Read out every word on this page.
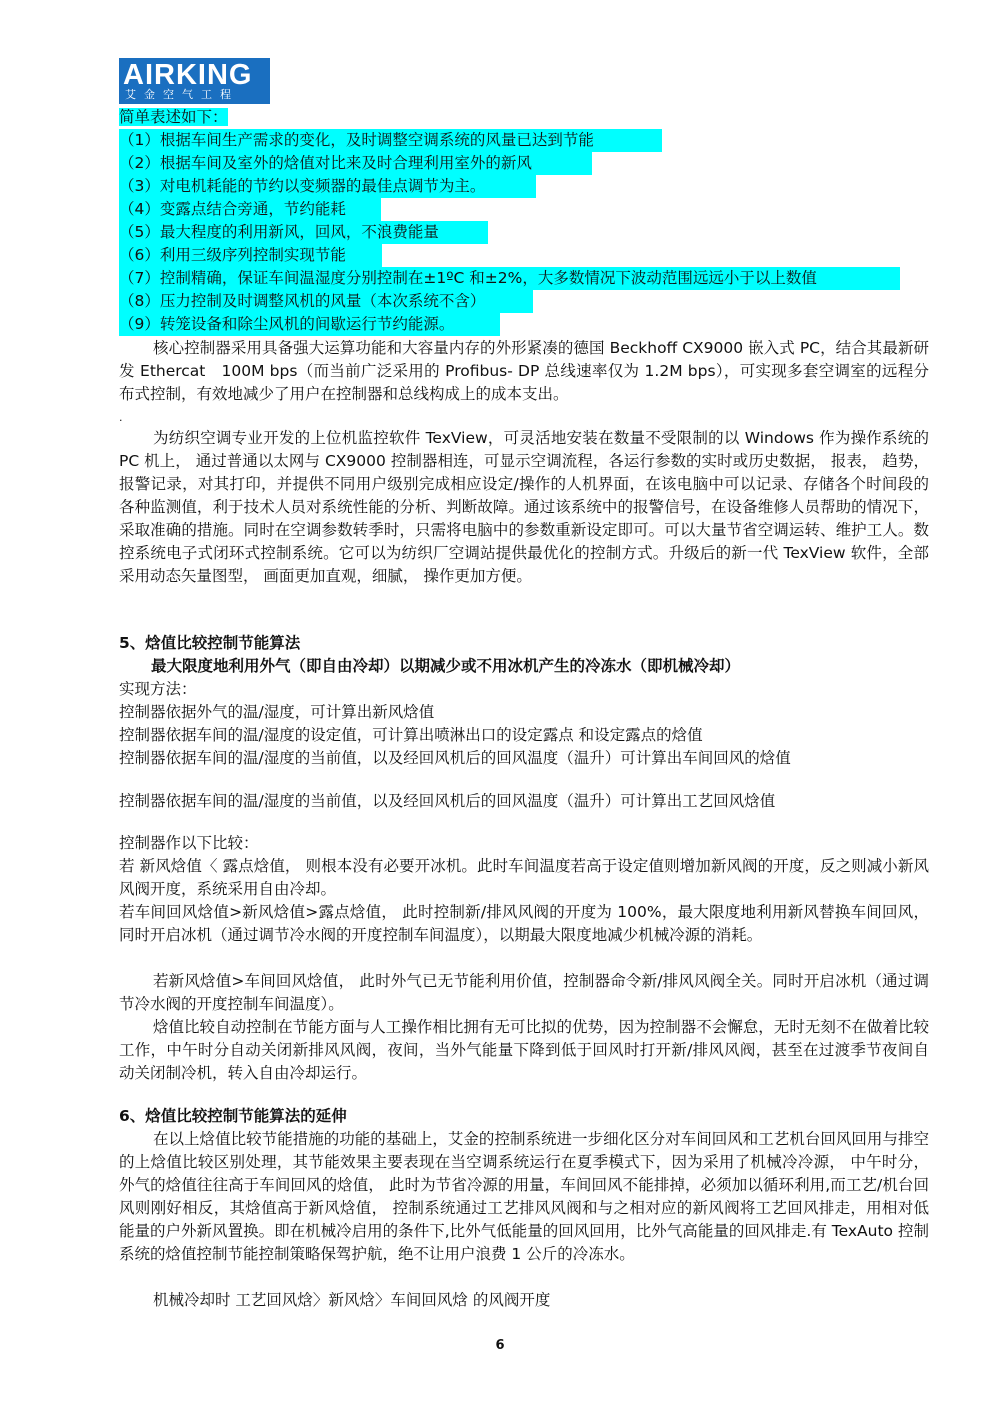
AIRKING
艾金空气工程
简单表述如下：
（1）根据车间生产需求的变化，及时调整空调系统的风量已达到节能
（2）根据车间及室外的焓值对比来及时合理利用室外的新风
（3）对电机耗能的节约以变频器的最佳点调节为主。
（4）变露点结合旁通，节约能耗
（5）最大程度的利用新风，回风，不浪费能量
（6）利用三级序列控制实现节能
（7）控制精确，保证车间温湿度分别控制在±1ºC 和±2%，大多数情况下波动范围远远小于以上数值
（8）压力控制及时调整风机的风量（本次系统不含）
（9）转笼设备和除尘风机的间歇运行节约能源。

核心控制器采用具备强大运算功能和大容量内存的外形紧凑的德国 Beckhoff CX9000 嵌入式 PC，结合其最新研发 Ethercat　100M bps（而当前广泛采用的 Profibus- DP 总线速率仅为 1.2M bps），可实现多套空调室的远程分布式控制，有效地减少了用户在控制器和总线构成上的成本支出。

.

为纺织空调专业开发的上位机监控软件 TexView，可灵活地安装在数量不受限制的以 Windows 作为操作系统的 PC 机上， 通过普通以太网与 CX9000 控制器相连，可显示空调流程，各运行参数的实时或历史数据， 报表， 趋势， 报警记录，对其打印，并提供不同用户级别完成相应设定/操作的人机界面，在该电脑中可以记录、存储各个时间段的各种监测值，利于技术人员对系统性能的分析、判断故障。通过该系统中的报警信号，在设备维修人员帮助的情况下，采取准确的措施。同时在空调参数转季时，只需将电脑中的参数重新设定即可。可以大量节省空调运转、维护工人。数控系统电子式闭环式控制系统。它可以为纺织厂空调站提供最优化的控制方式。升级后的新一代 TexView 软件，全部采用动态矢量图型， 画面更加直观，细腻， 操作更加方便。

5、焓值比较控制节能算法
最大限度地利用外气（即自由冷却）以期减少或不用冰机产生的冷冻水（即机械冷却）
实现方法：
控制器依据外气的温/湿度，可计算出新风焓值
控制器依据车间的温/湿度的设定值，可计算出喷淋出口的设定露点 和设定露点的焓值
控制器依据车间的温/湿度的当前值，以及经回风机后的回风温度（温升）可计算出车间回风的焓值
控制器依据车间的温/湿度的当前值，以及经回风机后的回风温度（温升）可计算出工艺回风焓值
控制器作以下比较：

若 新风焓值〈 露点焓值， 则根本没有必要开冰机。此时车间温度若高于设定值则增加新风阀的开度，反之则减小新风风阀开度，系统采用自由冷却。

若车间回风焓值>新风焓值>露点焓值， 此时控制新/排风风阀的开度为 100%，最大限度地利用新风替换车间回风，同时开启冰机（通过调节冷水阀的开度控制车间温度），以期最大限度地减少机械冷源的消耗。

若新风焓值>车间回风焓值， 此时外气已无节能利用价值，控制器命令新/排风风阀全关。同时开启冰机（通过调节冷水阀的开度控制车间温度）。

焓值比较自动控制在节能方面与人工操作相比拥有无可比拟的优势，因为控制器不会懈怠，无时无刻不在做着比较工作，中午时分自动关闭新排风风阀，夜间，当外气能量下降到低于回风时打开新/排风风阀，甚至在过渡季节夜间自动关闭制冷机，转入自由冷却运行。

6、焓值比较控制节能算法的延伸

在以上焓值比较节能措施的功能的基础上，艾金的控制系统进一步细化区分对车间回风和工艺机台回风回用与排空的上焓值比较区别处理，其节能效果主要表现在当空调系统运行在夏季模式下，因为采用了机械冷冷源， 中午时分，外气的焓值往往高于车间回风的焓值， 此时为节省冷源的用量，车间回风不能排掉，必须加以循环利用,而工艺/机台回风则刚好相反，其焓值高于新风焓值， 控制系统通过工艺排风风阀和与之相对应的新风阀将工艺回风排走，用相对低能量的户外新风置换。即在机械冷启用的条件下,比外气低能量的回风回用，比外气高能量的回风排走.有 TexAuto 控制系统的焓值控制节能控制策略保驾护航，绝不让用户浪费 1 公斤的冷冻水。

机械冷却时 工艺回风焓〉新风焓〉车间回风焓 的风阀开度
6
